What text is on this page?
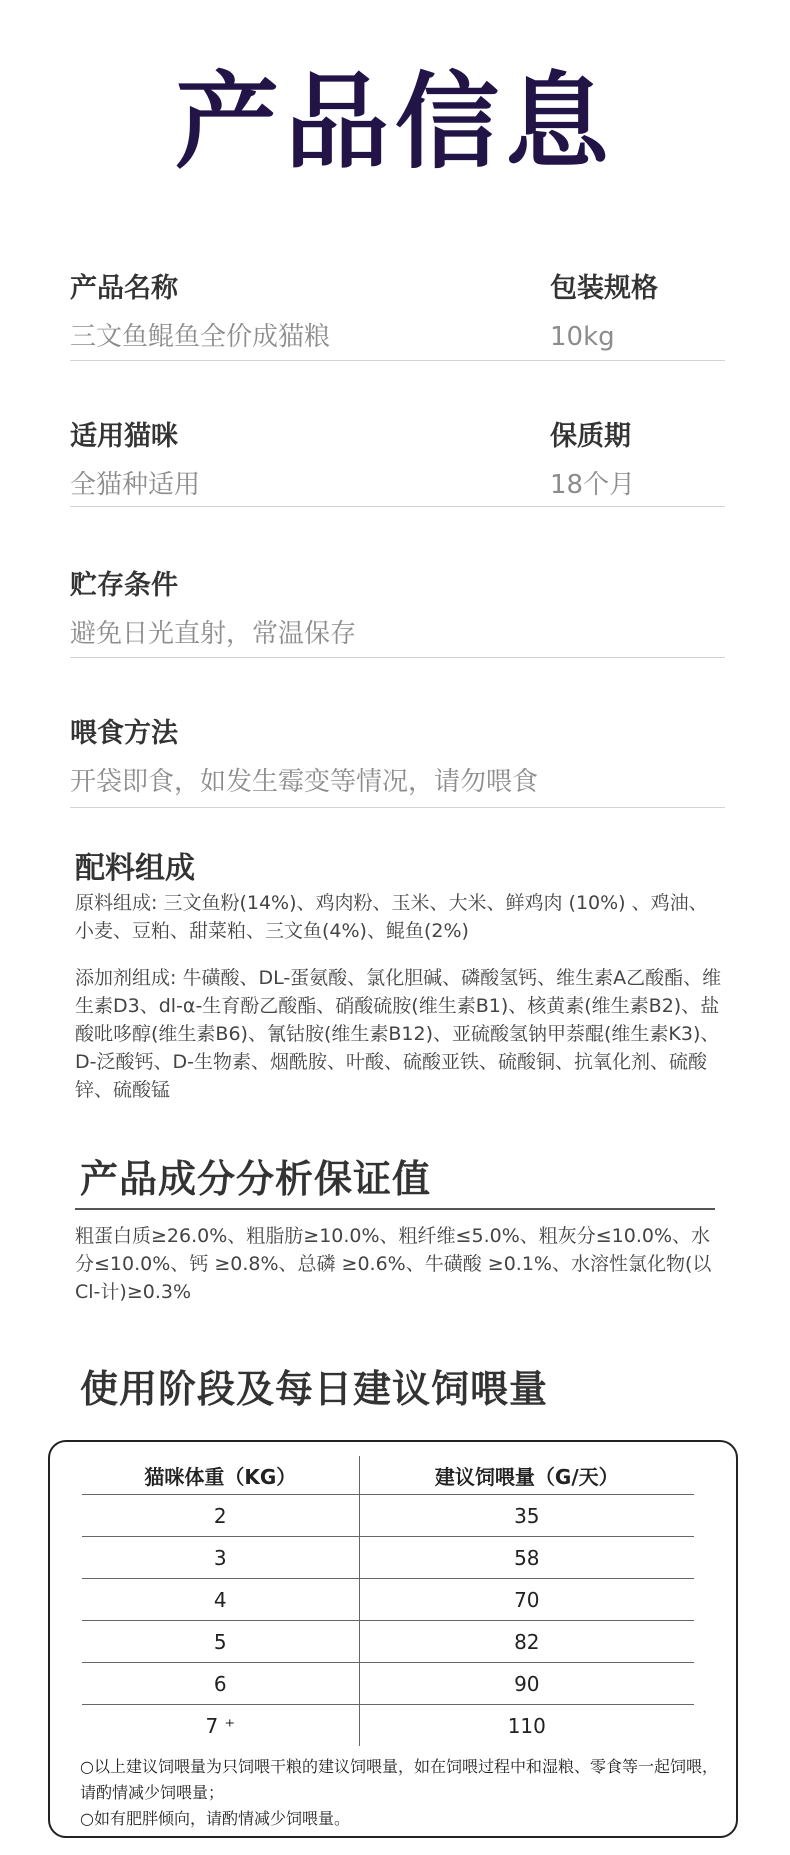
产品信息
产品名称
三文鱼鲲鱼全价成猫粮
包装规格
10kg
适用猫咪
全猫种适用
保质期
18个月
贮存条件
避免日光直射，常温保存
喂食方法
开袋即食，如发生霉变等情况，请勿喂食
配料组成
原料组成: 三文鱼粉(14%)、鸡肉粉、玉米、大米、鲜鸡肉 (10%) 、鸡油、小麦、豆粕、甜菜粕、三文鱼(4%)、鲲鱼(2%)
添加剂组成: 牛磺酸、DL-蛋氨酸、氯化胆碱、磷酸氢钙、维生素A乙酸酯、维生素D3、dl-α-生育酚乙酸酯、硝酸硫胺(维生素B1)、核黄素(维生素B2)、盐酸吡哆醇(维生素B6)、氰钴胺(维生素B12)、亚硫酸氢钠甲萘醌(维生素K3)、D-泛酸钙、D-生物素、烟酰胺、叶酸、硫酸亚铁、硫酸铜、抗氧化剂、硫酸锌、硫酸锰
产品成分分析保证值
粗蛋白质≥26.0%、粗脂肪≥10.0%、粗纤维≤5.0%、粗灰分≤10.0%、水分≤10.0%、钙 ≥0.8%、总磷 ≥0.6%、牛磺酸 ≥0.1%、水溶性氯化物(以Cl-计)≥0.3%
使用阶段及每日建议饲喂量
猫咪体重（KG）	建议饲喂量（G/天）
2	35
3	58
4	70
5	82
6	90
7 ⁺	110
○以上建议饲喂量为只饲喂干粮的建议饲喂量，如在饲喂过程中和湿粮、零食等一起饲喂，请酌情减少饲喂量；
○如有肥胖倾向，请酌情减少饲喂量。
